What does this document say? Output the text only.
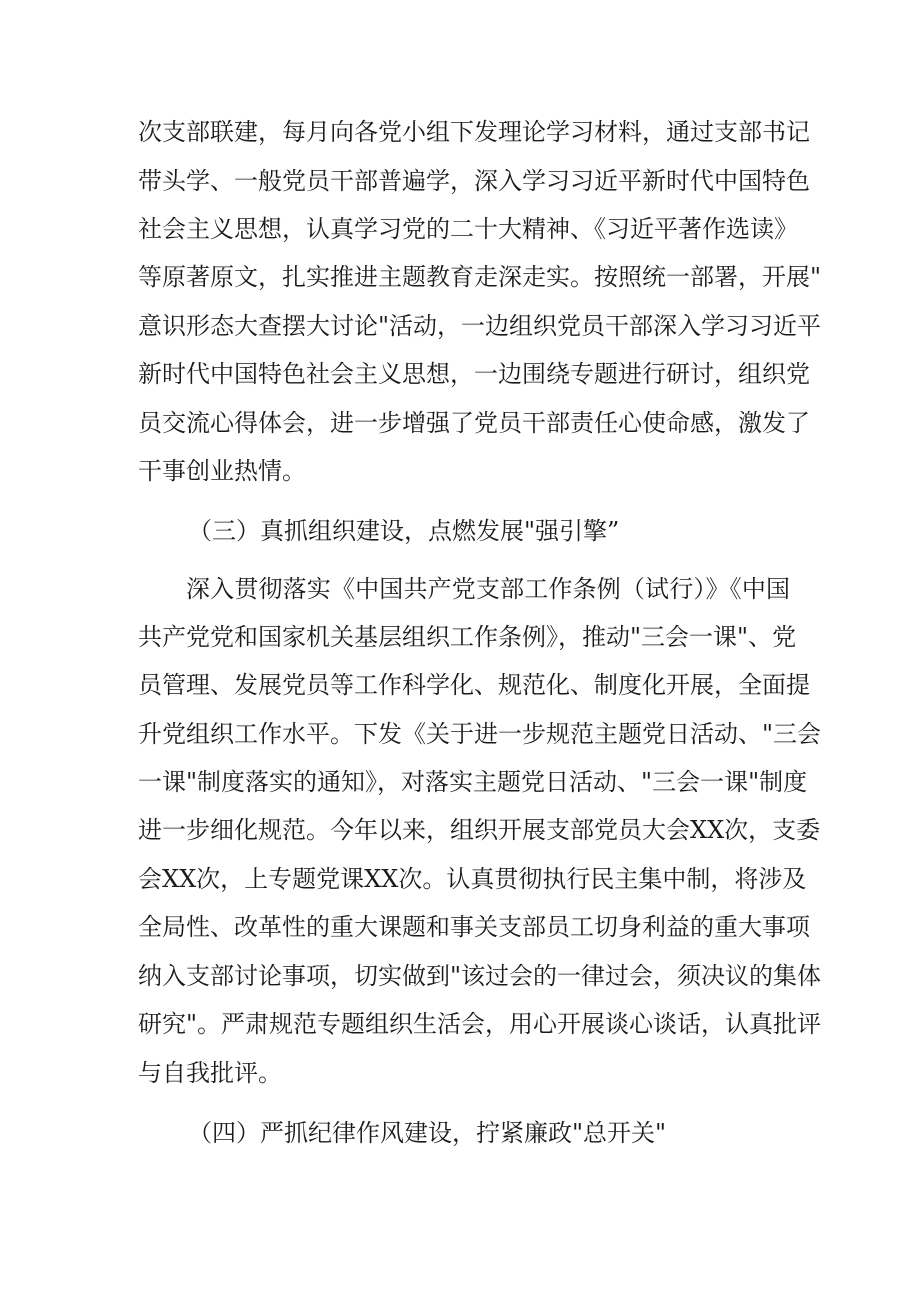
次支部联建，每月向各党小组下发理论学习材料，通过支部书记
带头学、一般党员干部普遍学，深入学习习近平新时代中国特色
社会主义思想，认真学习党的二十大精神、《习近平著作选读》
等原著原文，扎实推进主题教育走深走实。按照统一部署，开展"
意识形态大查摆大讨论"活动，一边组织党员干部深入学习习近平
新时代中国特色社会主义思想，一边围绕专题进行研讨，组织党
员交流心得体会，进一步增强了党员干部责任心使命感，激发了
干事创业热情。
（三）真抓组织建设，点燃发展"强引擎”
深入贯彻落实《中国共产党支部工作条例（试行）》《中国
共产党党和国家机关基层组织工作条例》，推动"三会一课"、党
员管理、发展党员等工作科学化、规范化、制度化开展，全面提
升党组织工作水平。下发《关于进一步规范主题党日活动、"三会
一课"制度落实的通知》，对落实主题党日活动、"三会一课"制度
进一步细化规范。今年以来，组织开展支部党员大会XX次，支委
会XX次，上专题党课XX次。认真贯彻执行民主集中制，将涉及
全局性、改革性的重大课题和事关支部员工切身利益的重大事项
纳入支部讨论事项，切实做到"该过会的一律过会，须决议的集体
研究"。严肃规范专题组织生活会，用心开展谈心谈话，认真批评
与自我批评。
（四）严抓纪律作风建设，拧紧廉政"总开关"
